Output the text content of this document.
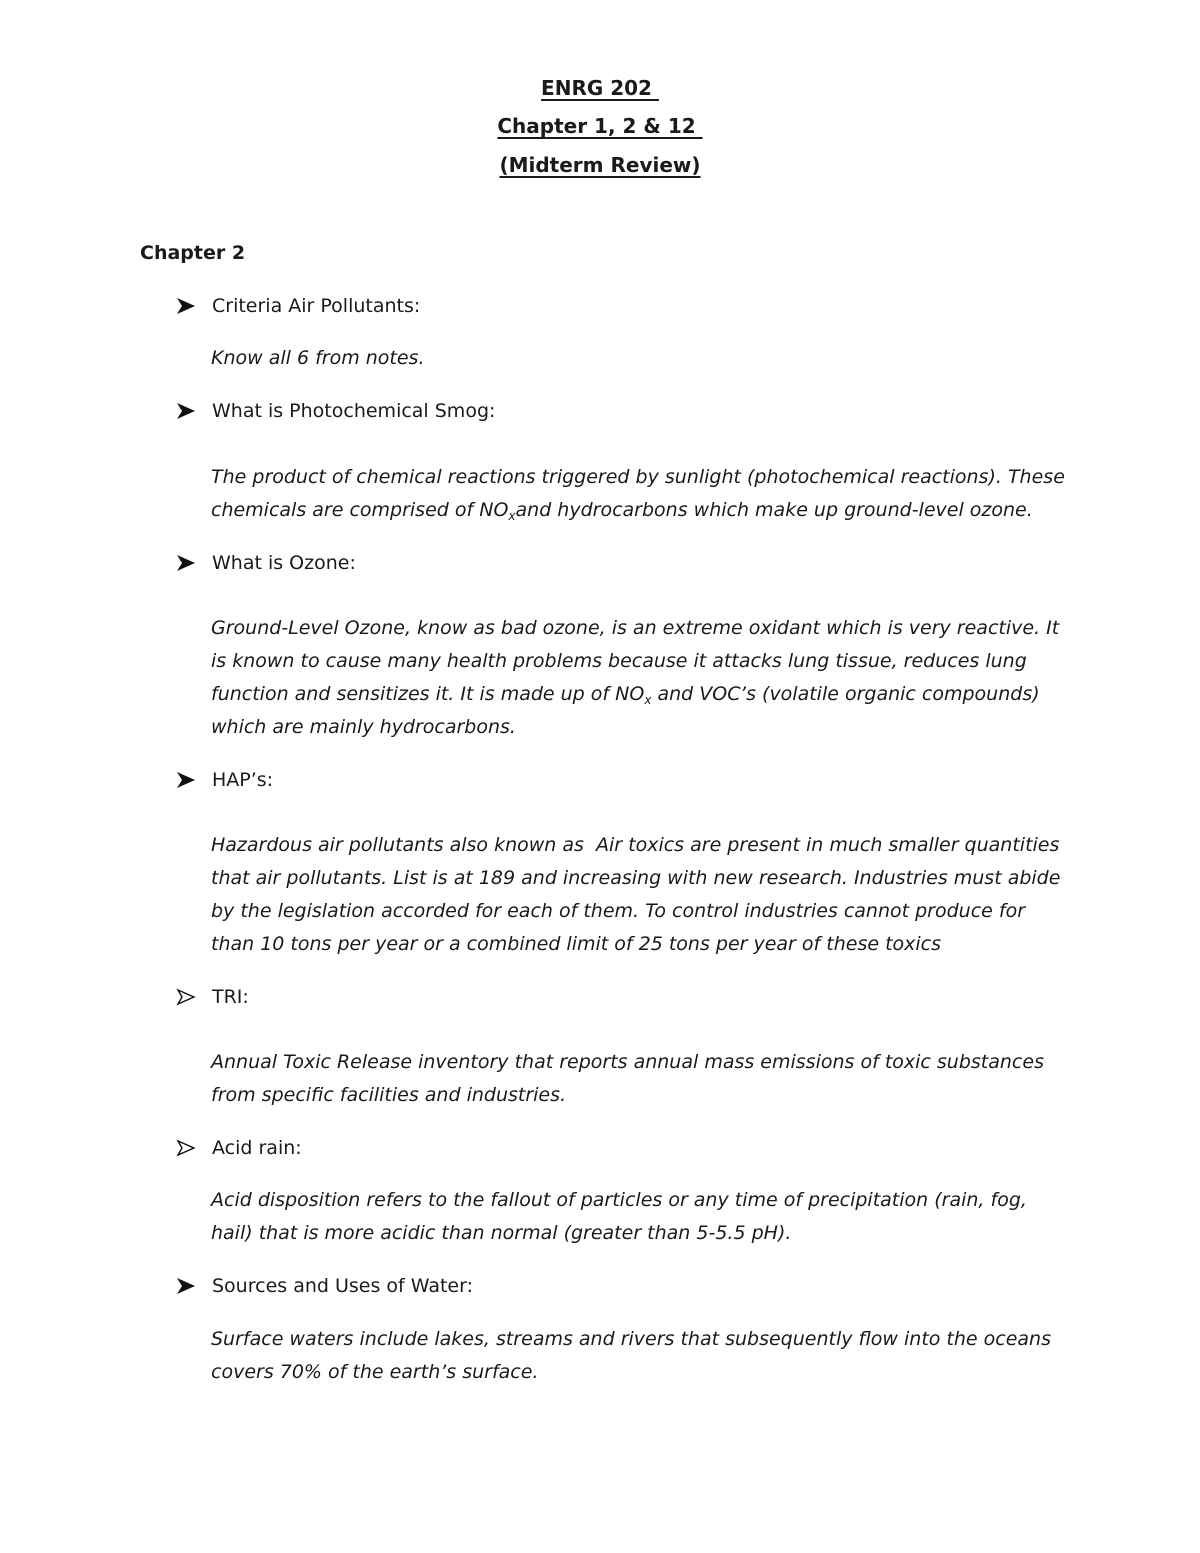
ENRG 202
Chapter 1, 2 & 12
(Midterm Review)
Chapter 2
Criteria Air Pollutants:
Know all 6 from notes.
What is Photochemical Smog:
The product of chemical reactions triggered by sunlight (photochemical reactions). These
chemicals are comprised of $NO_xand$ hydrocarbons which make up ground-level ozone.
What is Ozone:
Ground-Level Ozone, know as bad ozone, is an extreme oxidant which is very reactive. It
is known to cause many health problems because it attacks lung tissue, reduces lung
function and sensitizes it. It is made up of $NO_x$ and VOC’s (volatile organic compounds)
which are mainly hydrocarbons.
HAP’s:
Hazardous air pollutants also known as  Air toxics are present in much smaller quantities
that air pollutants. List is at 189 and increasing with new research. Industries must abide
by the legislation accorded for each of them. To control industries cannot produce for
than 10 tons per year or a combined limit of 25 tons per year of these toxics
TRI:
Annual Toxic Release inventory that reports annual mass emissions of toxic substances
from specific facilities and industries.
Acid rain:
Acid disposition refers to the fallout of particles or any time of precipitation (rain, fog,
hail) that is more acidic than normal (greater than 5-5.5 pH).
Sources and Uses of Water:
Surface waters include lakes, streams and rivers that subsequently flow into the oceans
covers 70% of the earth’s surface.
